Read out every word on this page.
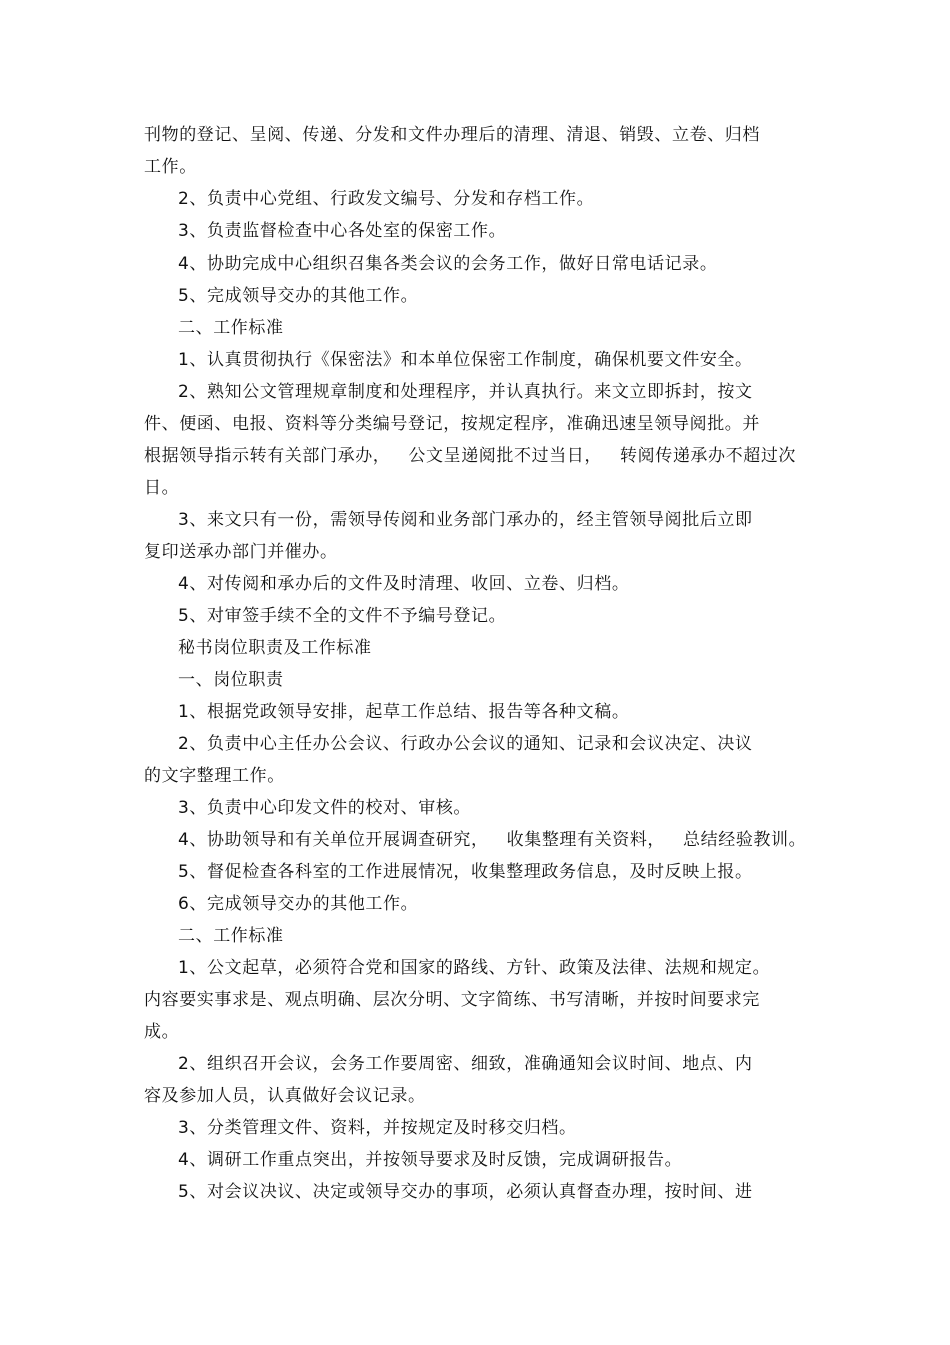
刊物的登记、呈阅、传递、分发和文件办理后的清理、清退、销毁、立卷、归档
工作。
2、负责中心党组、行政发文编号、分发和存档工作。
3、负责监督检查中心各处室的保密工作。
4、协助完成中心组织召集各类会议的会务工作，做好日常电话记录。
5、完成领导交办的其他工作。
二、工作标准
1、认真贯彻执行《保密法》和本单位保密工作制度，确保机要文件安全。
2、熟知公文管理规章制度和处理程序，并认真执行。来文立即拆封，按文
件、便函、电报、资料等分类编号登记，按规定程序，准确迅速呈领导阅批。并
根据领导指示转有关部门承办，   公文呈递阅批不过当日，   转阅传递承办不超过次
日。
3、来文只有一份，需领导传阅和业务部门承办的，经主管领导阅批后立即
复印送承办部门并催办。
4、对传阅和承办后的文件及时清理、收回、立卷、归档。
5、对审签手续不全的文件不予编号登记。
秘书岗位职责及工作标准
一、岗位职责
1、根据党政领导安排，起草工作总结、报告等各种文稿。
2、负责中心主任办公会议、行政办公会议的通知、记录和会议决定、决议
的文字整理工作。
3、负责中心印发文件的校对、审核。
4、协助领导和有关单位开展调查研究，   收集整理有关资料，   总结经验教训。
5、督促检查各科室的工作进展情况，收集整理政务信息，及时反映上报。
6、完成领导交办的其他工作。
二、工作标准
1、公文起草，必须符合党和国家的路线、方针、政策及法律、法规和规定。
内容要实事求是、观点明确、层次分明、文字简练、书写清晰，并按时间要求完
成。
2、组织召开会议，会务工作要周密、细致，准确通知会议时间、地点、内
容及参加人员，认真做好会议记录。
3、分类管理文件、资料，并按规定及时移交归档。
4、调研工作重点突出，并按领导要求及时反馈，完成调研报告。
5、对会议决议、决定或领导交办的事项，必须认真督查办理，按时间、进
